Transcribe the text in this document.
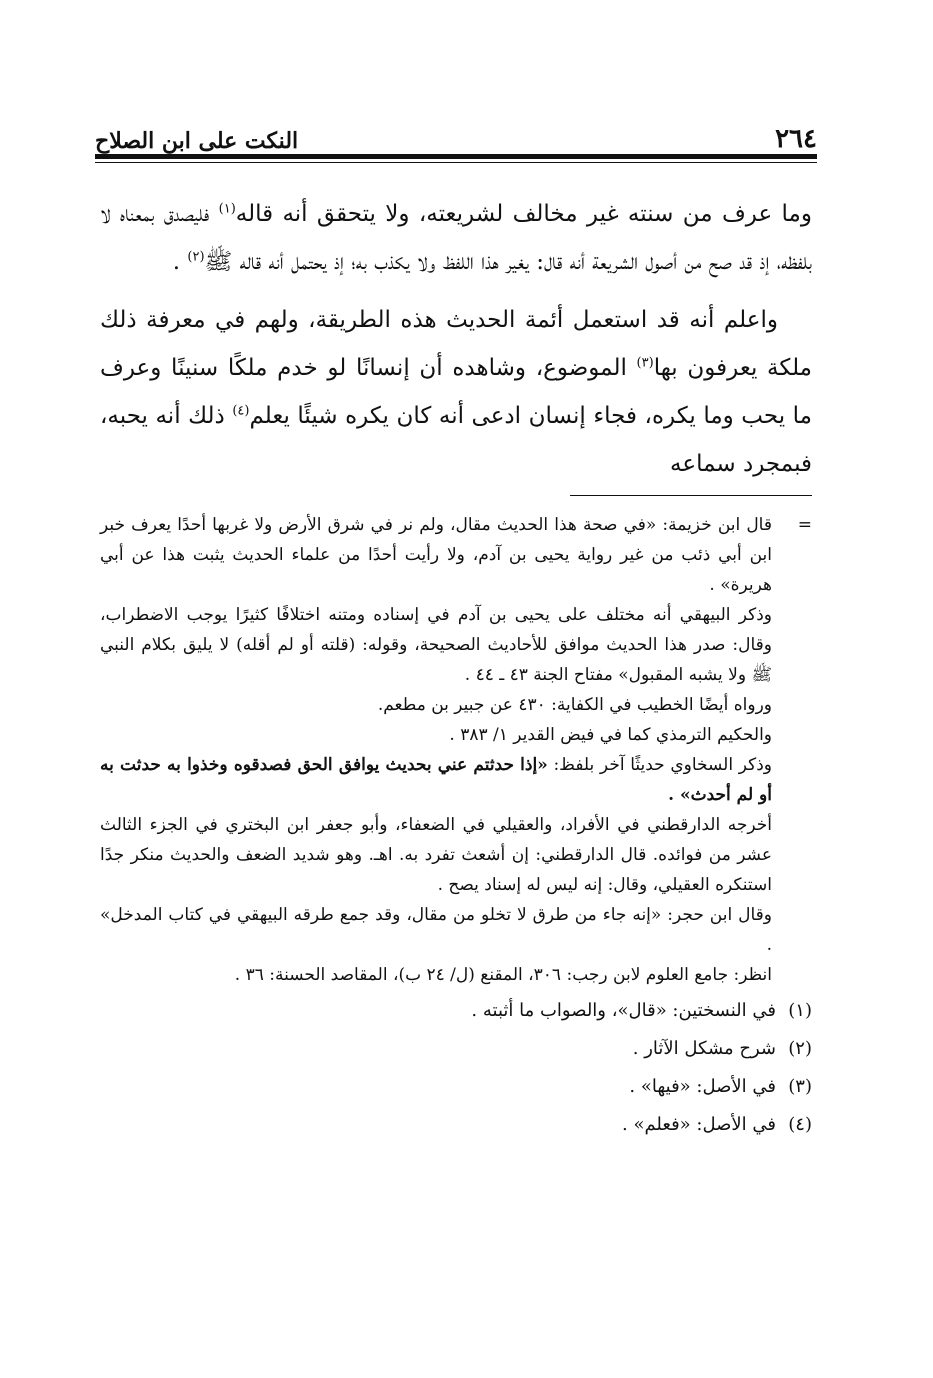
٢٦٤
النكت على ابن الصلاح

وما عرف من سنته غير مخالف لشريعته، ولا يتحقق أنه قاله$^{(١)}$ فليصدق بمعناه لا بلفظه، إذ قد صح من أصول الشريعة أنه قال: يغير هذا اللفظ ولا يكذب به؛ إذ يحتمل أنه قاله ﷺ$^{(٢)}$ .

واعلم أنه قد استعمل أئمة الحديث هذه الطريقة، ولهم في معرفة ذلك ملكة يعرفون بها$^{(٣)}$ الموضوع، وشاهده أن إنسانًا لو خدم ملكًا سنينًا وعرف ما يحب وما يكره، فجاء إنسان ادعى أنه كان يكره شيئًا يعلم$^{(٤)}$ ذلك أنه يحبه، فبمجرد سماعه

=
قال ابن خزيمة: «في صحة هذا الحديث مقال، ولم نر في شرق الأرض ولا غربها أحدًا يعرف خبر ابن أبي ذئب من غير رواية يحيى بن آدم، ولا رأيت أحدًا من علماء الحديث يثبت هذا عن أبي هريرة» .

وذكر البيهقي أنه مختلف على يحيى بن آدم في إسناده ومتنه اختلافًا كثيرًا يوجب الاضطراب، وقال: صدر هذا الحديث موافق للأحاديث الصحيحة، وقوله: (قلته أو لم أقله) لا يليق بكلام النبي ﷺ ولا يشبه المقبول» مفتاح الجنة ٤٣ ـ ٤٤ .

ورواه أيضًا الخطيب في الكفاية: ٤٣٠ عن جبير بن مطعم.

والحكيم الترمذي كما في فيض القدير ١/ ٣٨٣ .

وذكر السخاوي حديثًا آخر بلفظ: «إذا حدثتم عني بحديث يوافق الحق فصدقوه وخذوا به حدثت به أو لم أحدث» .

أخرجه الدارقطني في الأفراد، والعقيلي في الضعفاء، وأبو جعفر ابن البختري في الجزء الثالث عشر من فوائده. قال الدارقطني: إن أشعث تفرد به. اهـ. وهو شديد الضعف والحديث منكر جدًا استنكره العقيلي، وقال: إنه ليس له إسناد يصح .

وقال ابن حجر: «إنه جاء من طرق لا تخلو من مقال، وقد جمع طرقه البيهقي في كتاب المدخل» .

انظر: جامع العلوم لابن رجب: ٣٠٦، المقنع (ل/ ٢٤ ب)، المقاصد الحسنة: ٣٦ .

(١)
في النسختين: «قال»، والصواب ما أثبته .
(٢)
شرح مشكل الآثار .
(٣)
في الأصل: «فيها» .
(٤)
في الأصل: «فعلم» .
